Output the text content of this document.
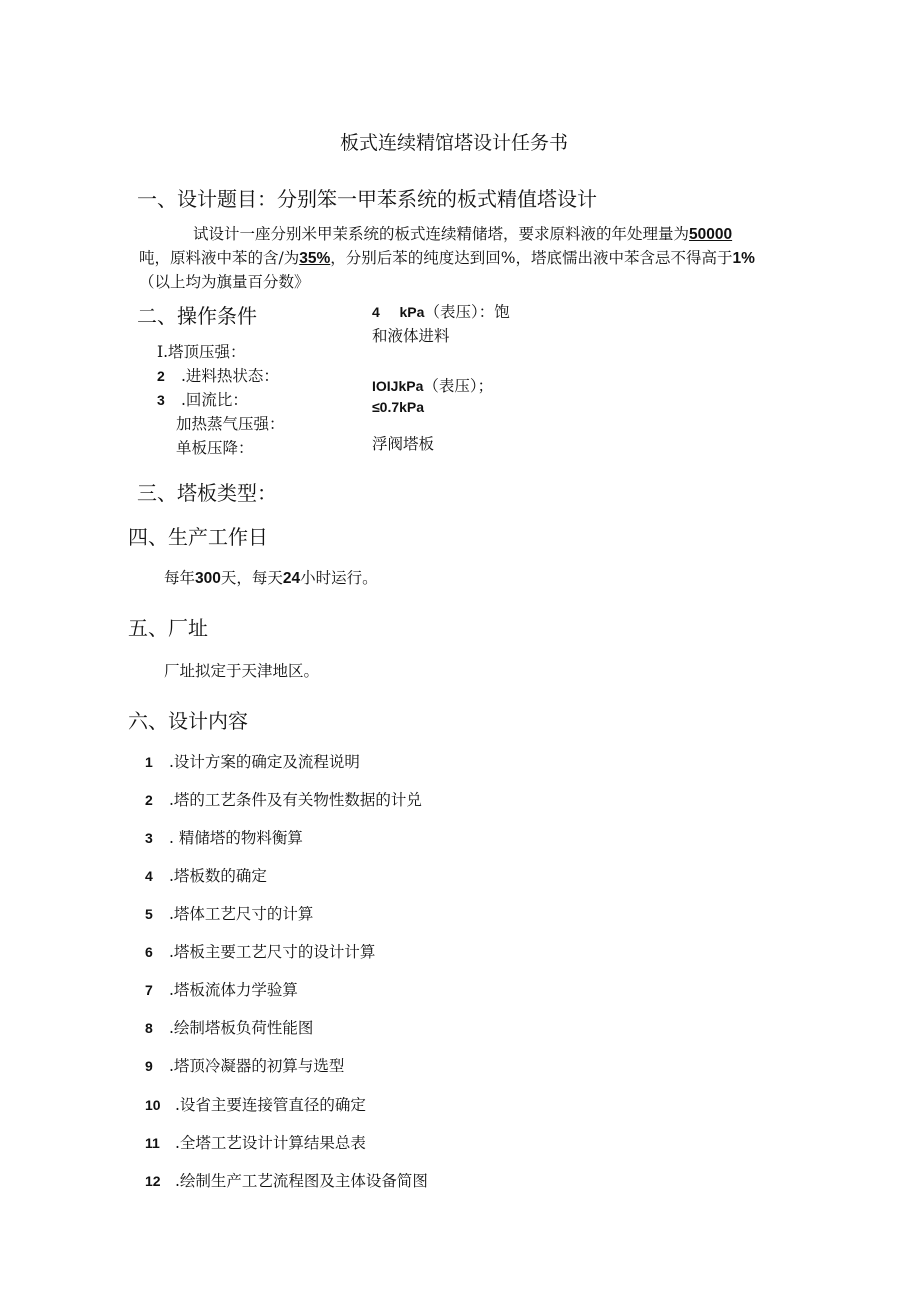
板式连续精馆塔设计任务书
一、设计题目：分别笨一甲苯系统的板式精值塔设计
试设计一座分别米甲茉系统的板式连续精储塔，要求原料液的年处理量为50000
吨，原料液中苯的含/为35%，分别后苯的纯度达到回%，塔底懦出液中苯含忌不得高于1%
（以上均为旗量百分数》
二、操作条件
I.塔顶压强：
2 .进料热状态：
3 .回流比：
加热蒸气压强：
单板压降：
4 kPa（表压）：饱
和液体进料
IOIJkPa（表压）；
≤0.7kPa
浮阀塔板
三、塔板类型：
四、生产工作日
每年300天，每天24小时运行。
五、厂址
厂址拟定于天津地区。
六、设计内容
1 .设计方案的确定及流程说明
2 .塔的工艺条件及有关物性数据的计兑
3 . 精储塔的物料衡算
4 .塔板数的确定
5 .塔体工艺尺寸的计算
6 .塔板主要工艺尺寸的设计计算
7 .塔板流体力学验算
8 .绘制塔板负荷性能图
9 .塔顶冷凝器的初算与选型
10 .设省主要连接管直径的确定
11 .全塔工艺设计计算结果总表
12 .绘制生产工艺流程图及主体设备简图
